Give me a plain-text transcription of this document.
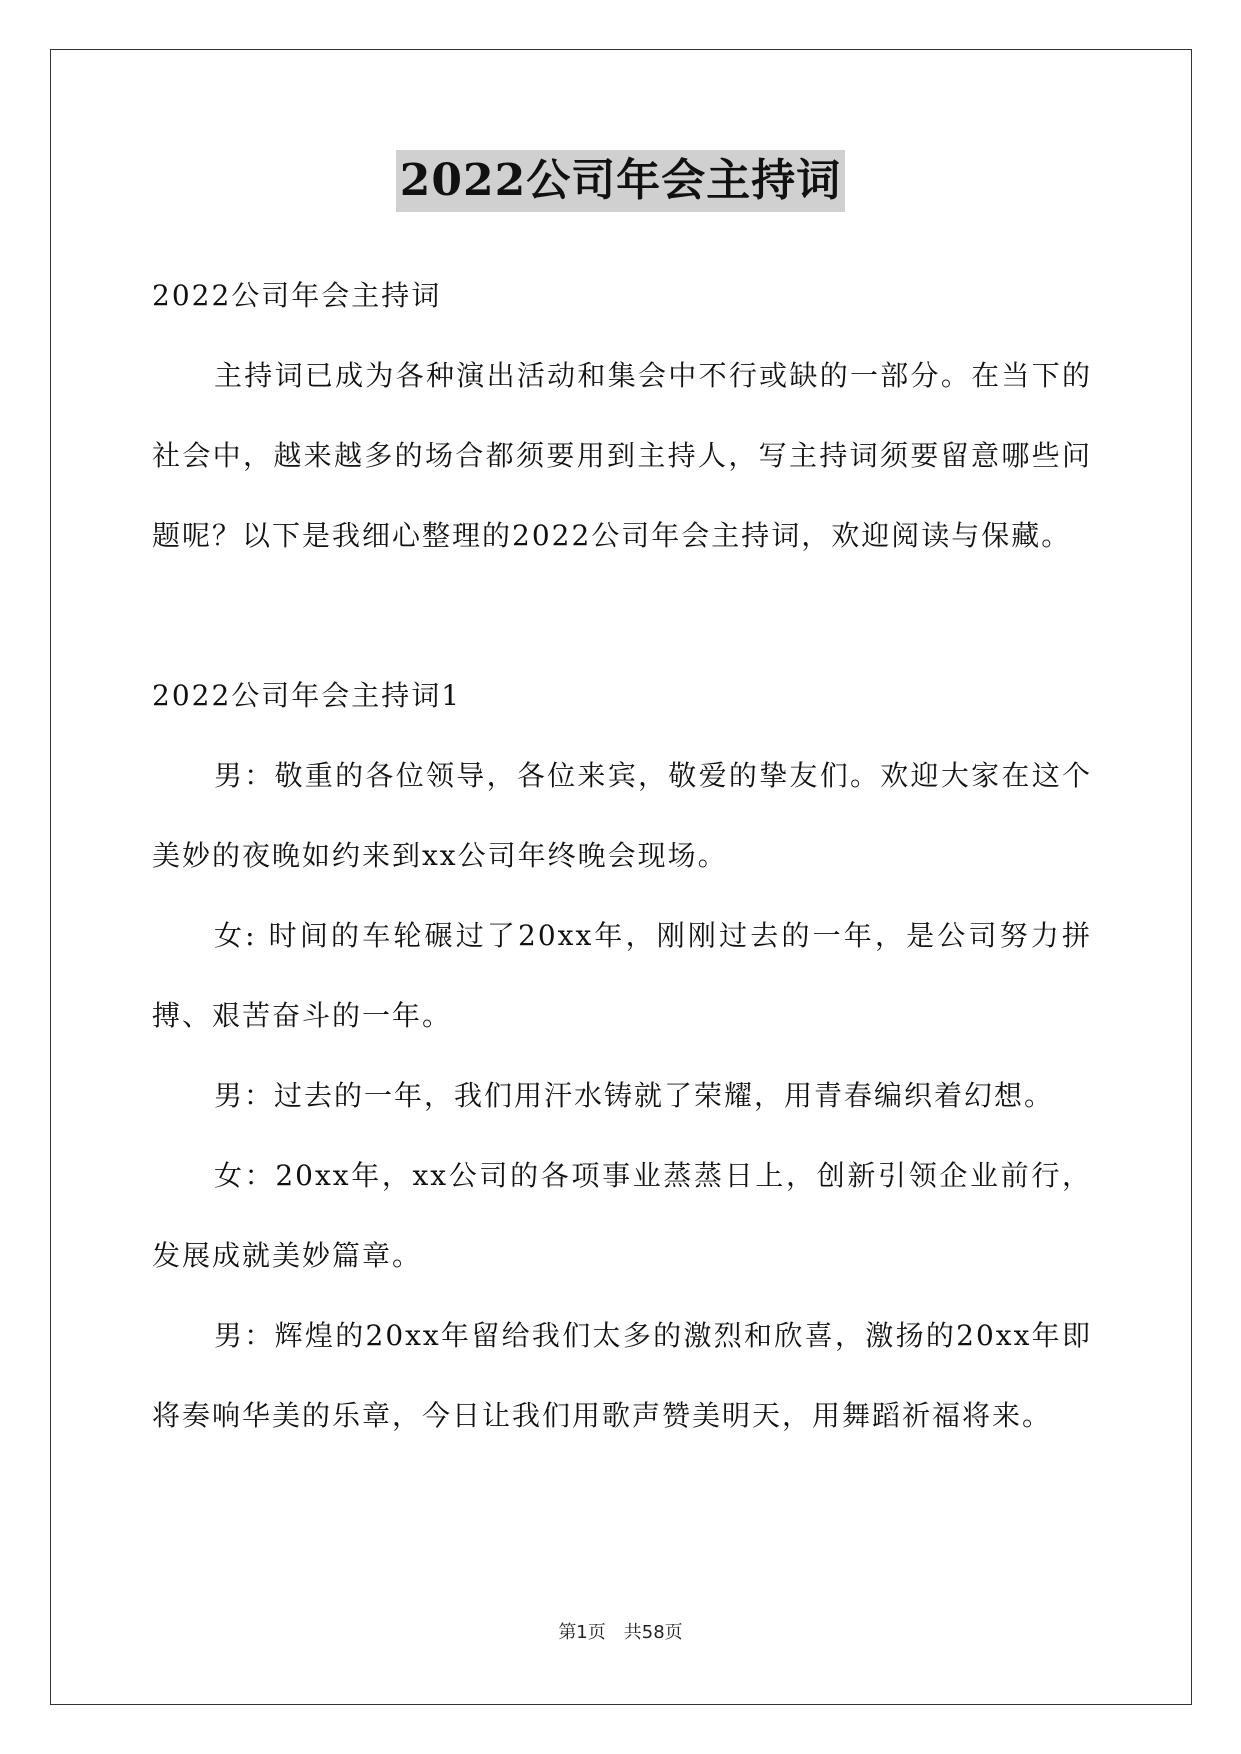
2022公司年会主持词

2022公司年会主持词

主持词已成为各种演出活动和集会中不行或缺的一部分。在当下的社会中，越来越多的场合都须要用到主持人，写主持词须要留意哪些问题呢？以下是我细心整理的2022公司年会主持词，欢迎阅读与保藏。

2022公司年会主持词1

男：敬重的各位领导，各位来宾，敬爱的挚友们。欢迎大家在这个美妙的夜晚如约来到xx公司年终晚会现场。

女: 时间的车轮碾过了20xx年，刚刚过去的一年，是公司努力拼搏、艰苦奋斗的一年。

男：过去的一年，我们用汗水铸就了荣耀，用青春编织着幻想。

女：20xx年，xx公司的各项事业蒸蒸日上，创新引领企业前行，发展成就美妙篇章。

男：辉煌的20xx年留给我们太多的激烈和欣喜，激扬的20xx年即将奏响华美的乐章，今日让我们用歌声赞美明天，用舞蹈祈福将来。

第1页　共58页
